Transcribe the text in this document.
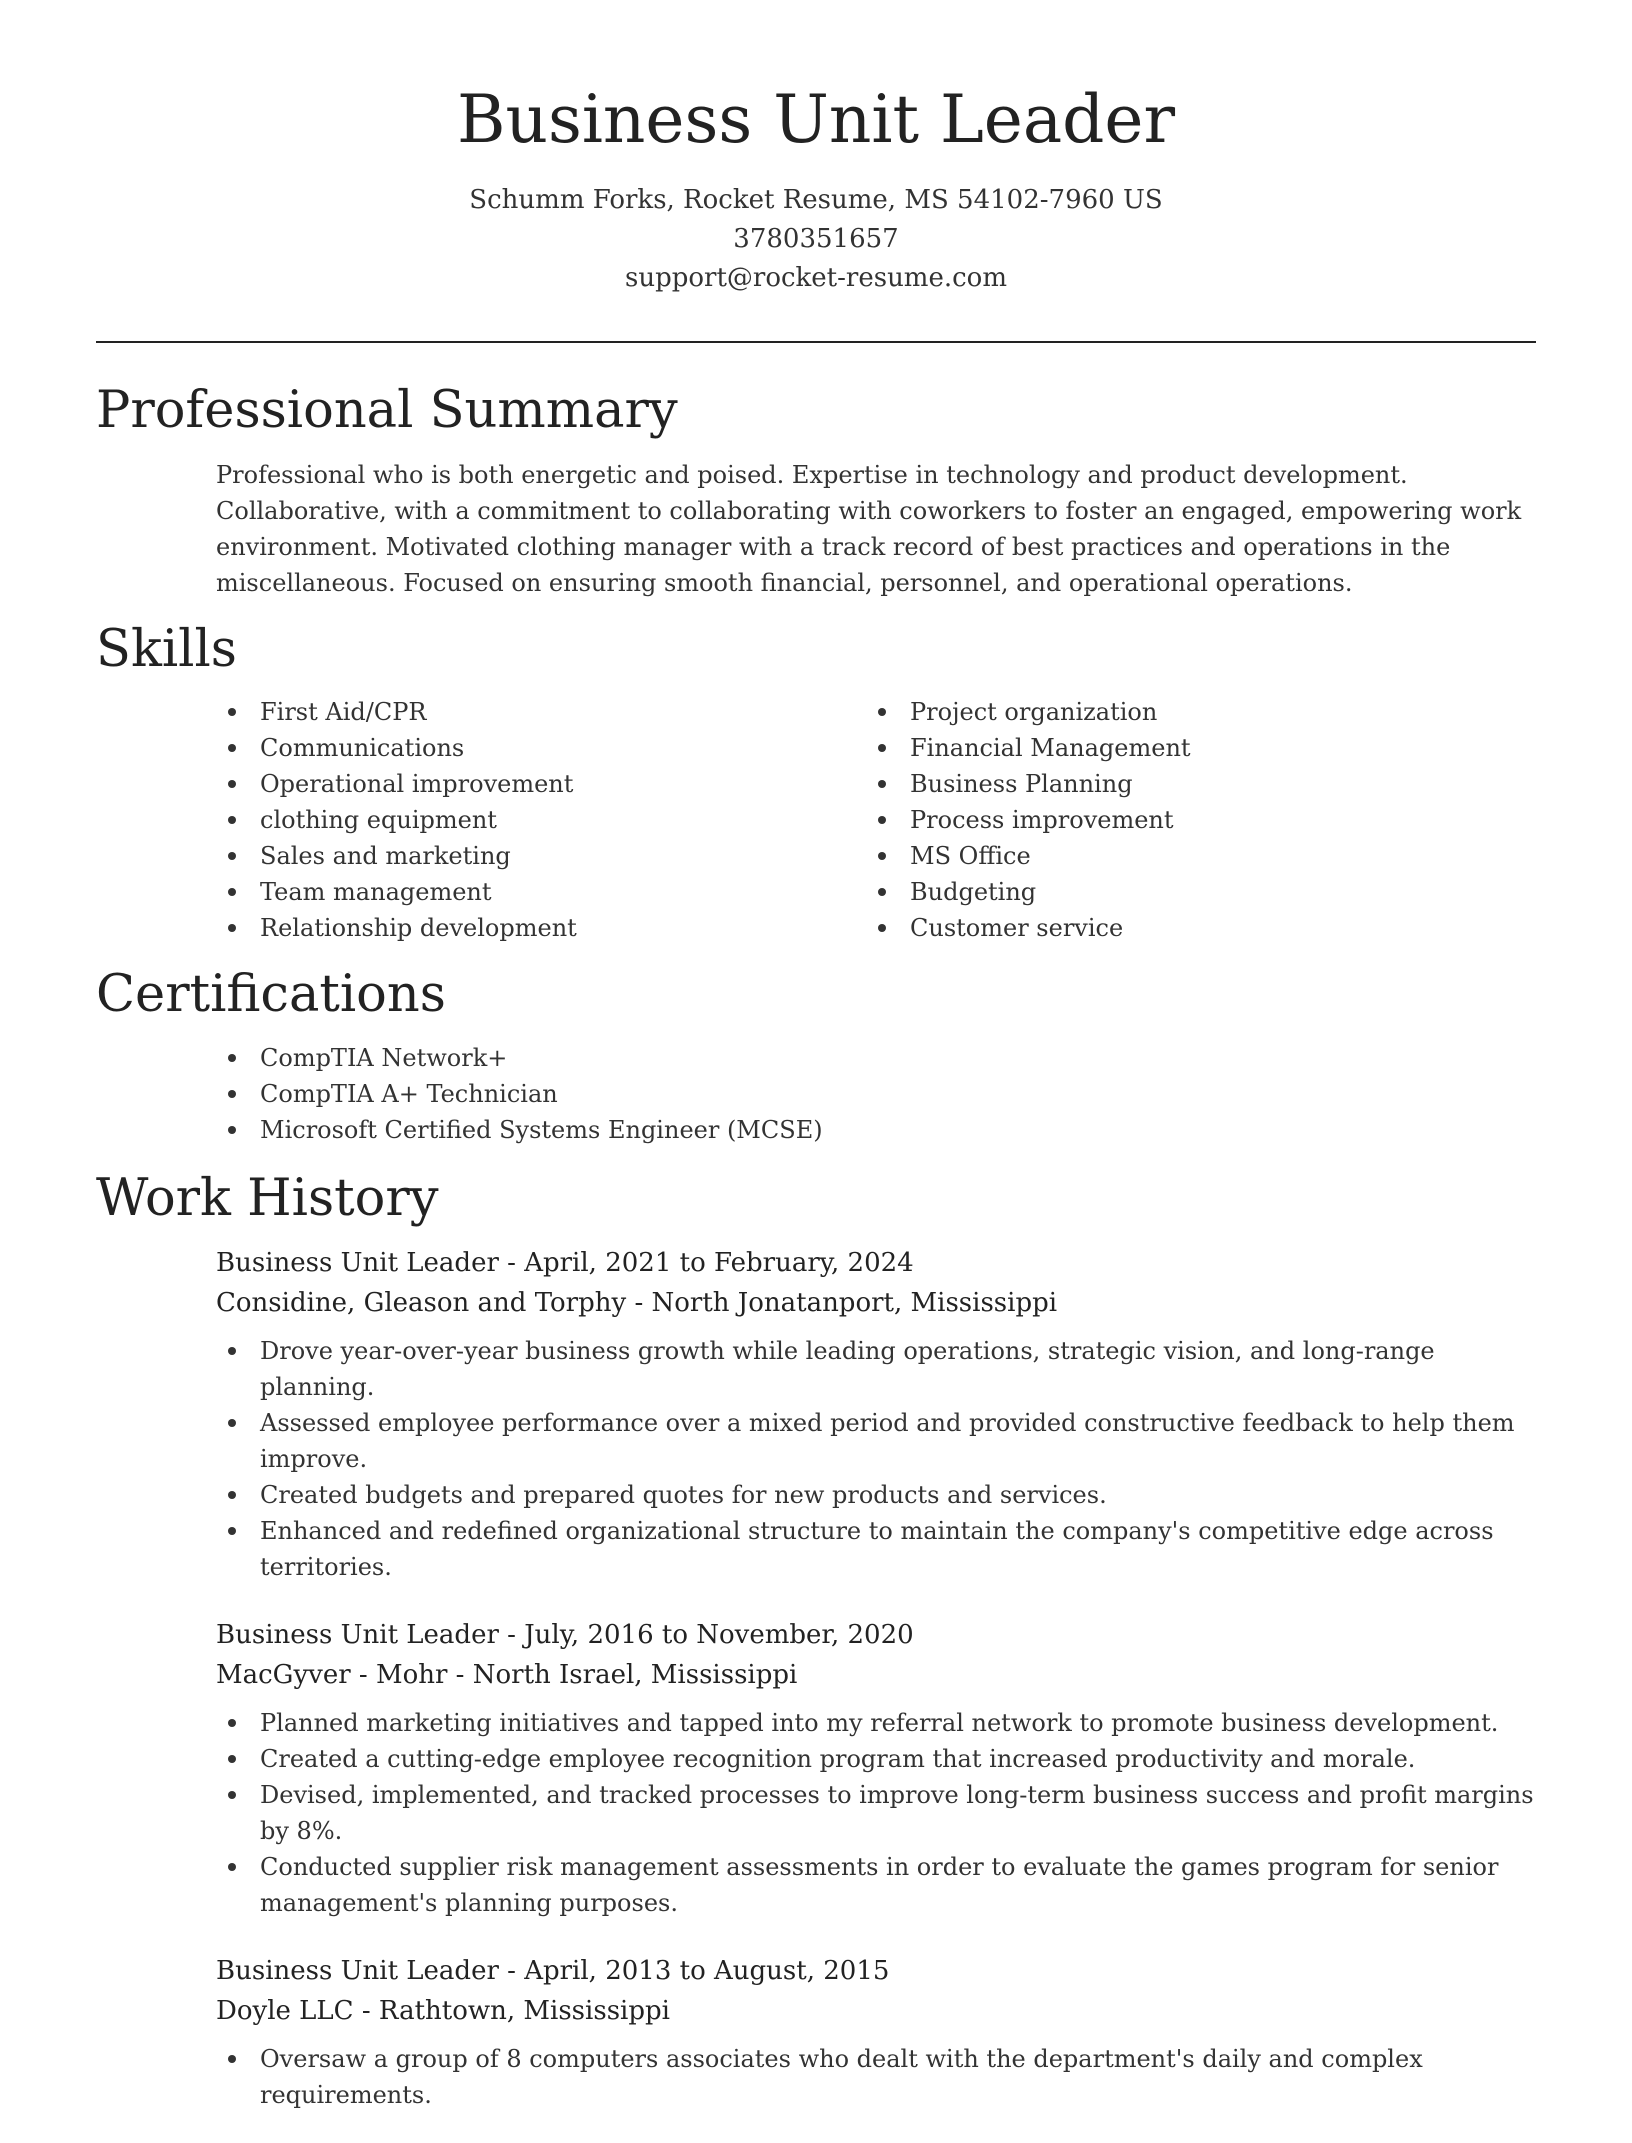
Business Unit Leader
Schumm Forks, Rocket Resume, MS 54102-7960 US
3780351657
support@rocket-resume.com
Professional Summary

Professional who is both energetic and poised. Expertise in technology and product development. Collaborative, with a commitment to collaborating with coworkers to foster an engaged, empowering work environment. Motivated clothing manager with a track record of best practices and operations in the miscellaneous. Focused on ensuring smooth financial, personnel, and operational operations.

Skills
First Aid/CPR
Communications
Operational improvement
clothing equipment
Sales and marketing
Team management
Relationship development
Project organization
Financial Management
Business Planning
Process improvement
MS Office
Budgeting
Customer service
Certifications
CompTIA Network+
CompTIA A+ Technician
Microsoft Certified Systems Engineer (MCSE)
Work History
Business Unit Leader - April, 2021 to February, 2024
Considine, Gleason and Torphy - North Jonatanport, Mississippi
Drove year-over-year business growth while leading operations, strategic vision, and long-range planning.
Assessed employee performance over a mixed period and provided constructive feedback to help them improve.
Created budgets and prepared quotes for new products and services.
Enhanced and redefined organizational structure to maintain the company's competitive edge across territories.
Business Unit Leader - July, 2016 to November, 2020
MacGyver - Mohr - North Israel, Mississippi
Planned marketing initiatives and tapped into my referral network to promote business development.
Created a cutting-edge employee recognition program that increased productivity and morale.
Devised, implemented, and tracked processes to improve long-term business success and profit margins by 8%.
Conducted supplier risk management assessments in order to evaluate the games program for senior management's planning purposes.
Business Unit Leader - April, 2013 to August, 2015
Doyle LLC - Rathtown, Mississippi
Oversaw a group of 8 computers associates who dealt with the department's daily and complex requirements.
